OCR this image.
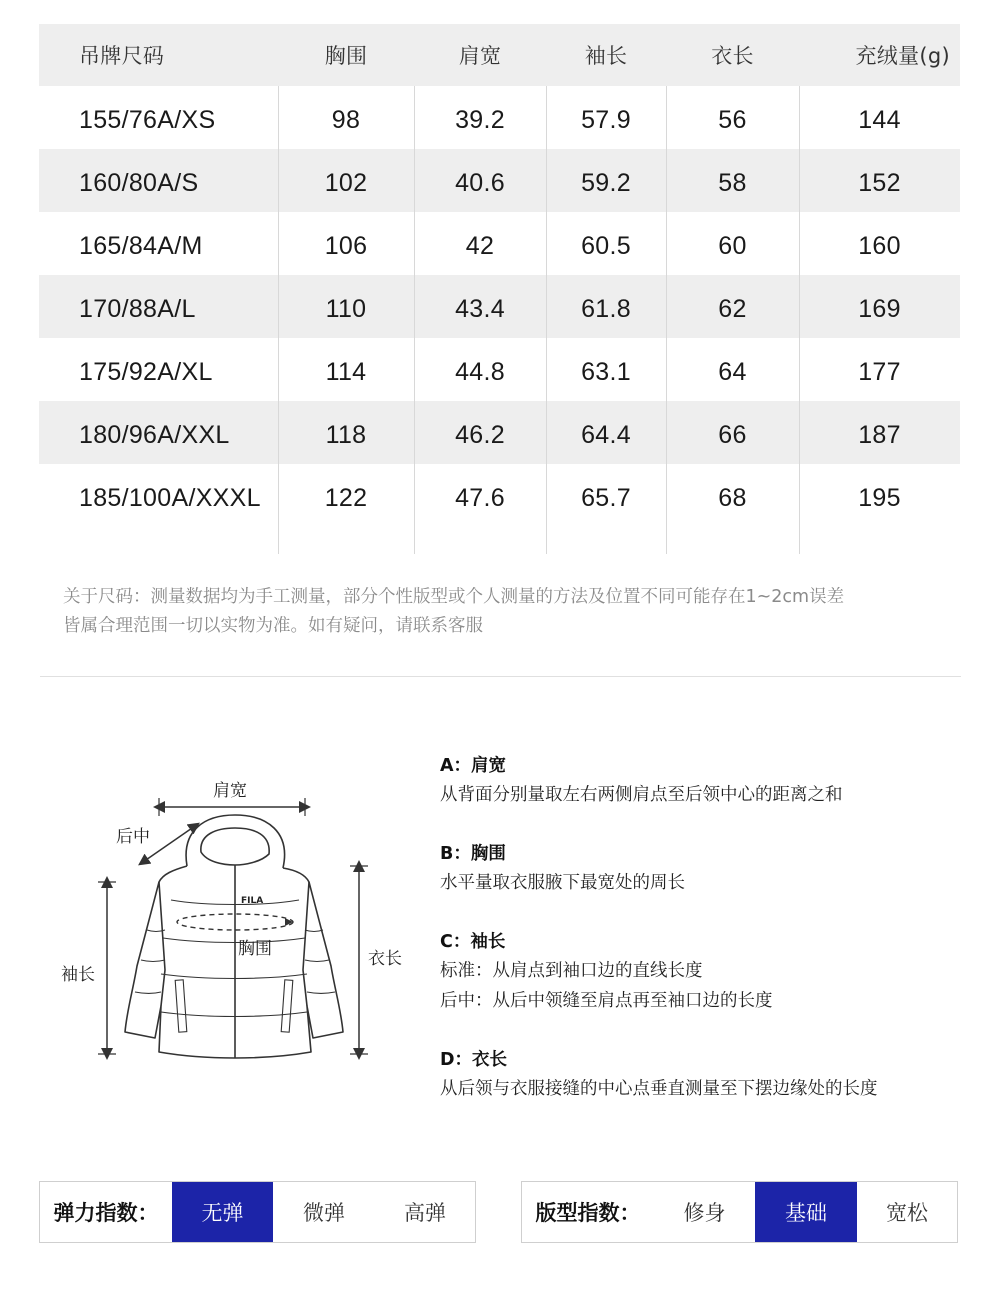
吊牌尺码	胸围	肩宽	袖长	衣长	充绒量(g)
155/76A/XS	98	39.2	57.9	56	144
160/80A/S	102	40.6	59.2	58	152
165/84A/M	106	42	60.5	60	160
170/88A/L	110	43.4	61.8	62	169
175/92A/XL	114	44.8	63.1	64	177
180/96A/XXL	118	46.2	64.4	66	187
185/100A/XXXL	122	47.6	65.7	68	195
关于尺码：测量数据均为手工测量，部分个性版型或个人测量的方法及位置不同可能存在1~2cm误差
皆属合理范围一切以实物为准。如有疑问，请联系客服
肩宽
后中
胸围
袖长
衣长
FILA
A：肩宽
从背面分别量取左右两侧肩点至后领中心的距离之和
B：胸围
水平量取衣服腋下最宽处的周长
C：袖长
标准：从肩点到袖口边的直线长度
后中：从后中领缝至肩点再至袖口边的长度
D：衣长
从后领与衣服接缝的中心点垂直测量至下摆边缘处的长度
弹力指数：	无弹	微弹	高弹	版型指数：	修身	基础	宽松
